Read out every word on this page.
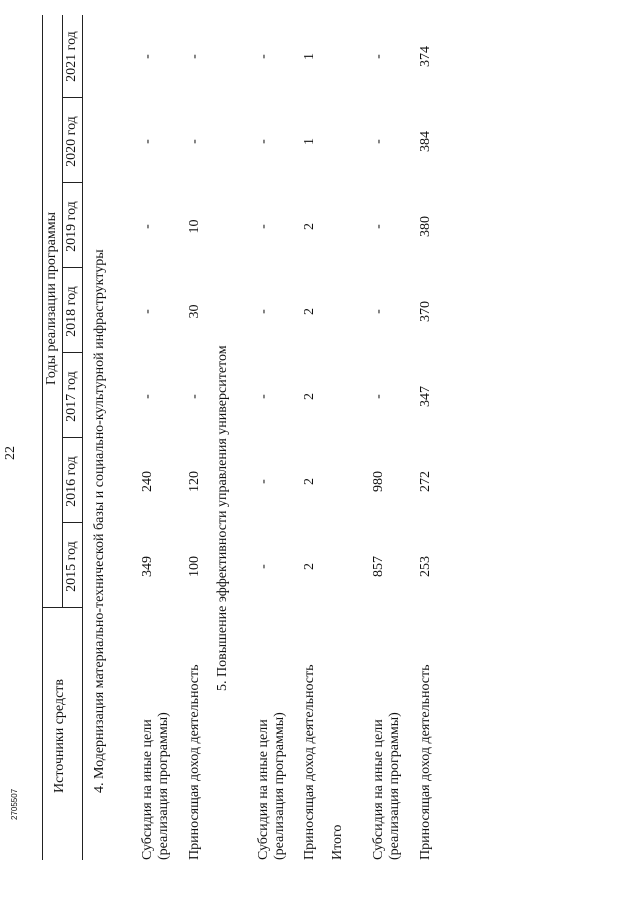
22
Источники средств
Годы реализации программы
2015 год
2016 год
2017 год
2018 год
2019 год
2020 год
2021 год
4. Модернизация материально-технической базы и социально-культурной инфраструктуры Субсидия на иные цели (реализация программы)
349
240
-
-
-
-
-
Приносящая доход деятельность
100
120
-
30
10
-
-
5. Повышение эффективности управления университетом
Субсидия на иные цели (реализация программы)
-
-
-
-
-
-
-
Приносящая доход деятельность
2
2
2
2
2
1
1
Итого Субсидия на иные цели (реализация программы)
857
980
-
-
-
-
-
Приносящая доход деятельность
253
272
347
370
380
384
374
2705507
